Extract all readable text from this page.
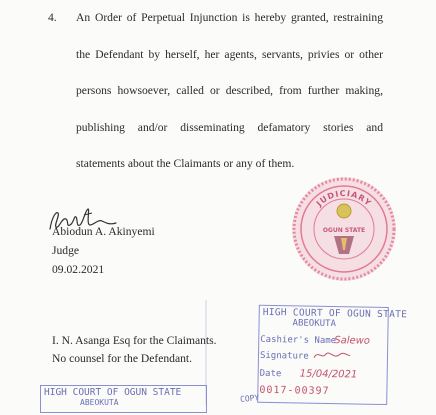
4. An Order of Perpetual Injunction is hereby granted, restraining
the Defendant by herself, her agents, servants, privies or other
persons howsoever, called or described, from further making,
publishing and/or disseminating defamatory stories and
statements about the Claimants or any of them.
Abiodun A. Akinyemi
Judge
09.02.2021
JUDICIARY
OGUN STATE
I. N. Asanga Esq for the Claimants.
No counsel for the Defendant.
HIGH COURT OF OGUN STATE
ABEOKUTA
Cashier's Name
Salewo
Signature
Date 15/04/2021
0017-00397
HIGH COURT OF OGUN STATE
ABEOKUTA	COPY
